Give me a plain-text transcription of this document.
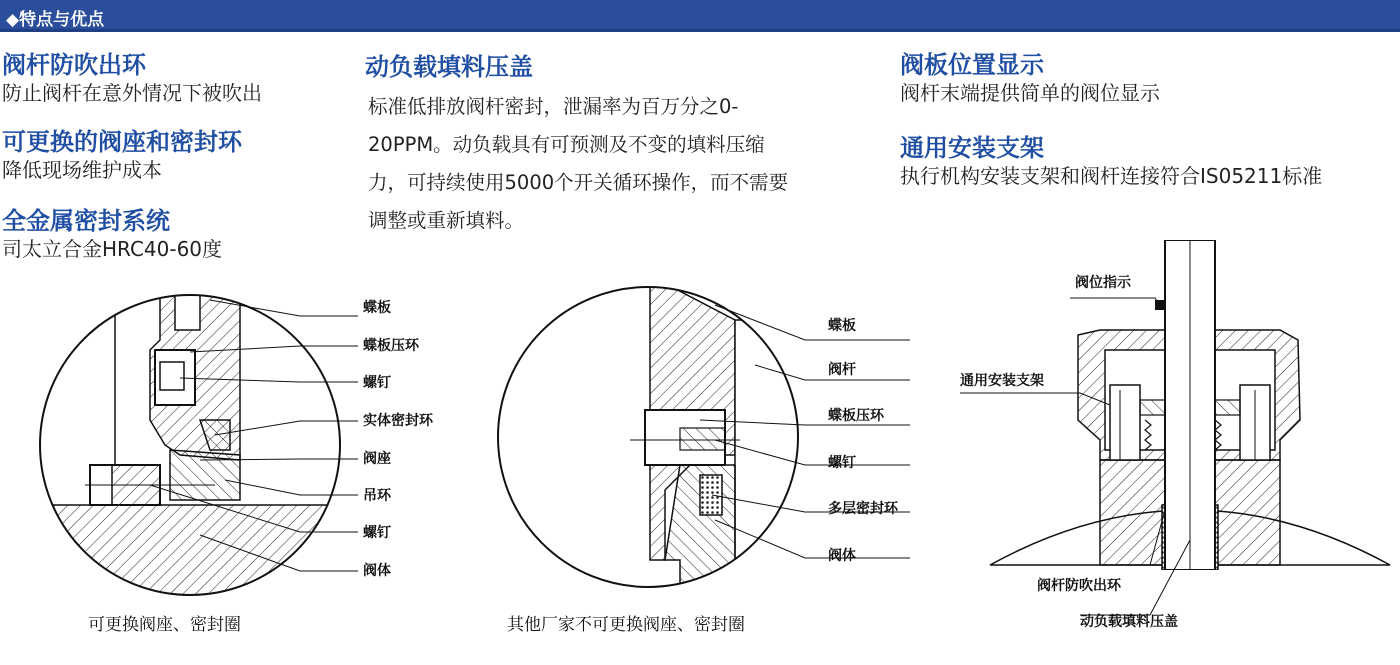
◆特点与优点
阀杆防吹出环
防止阀杆在意外情况下被吹出
可更换的阀座和密封环
降低现场维护成本
全金属密封系统
司太立合金HRC40-60度
动负载填料压盖
标准低排放阀杆密封，泄漏率为百万分之0-
20PPM。动负载具有可预测及不变的填料压缩
力，可持续使用5000个开关循环操作，而不需要
调整或重新填料。
阀板位置显示
阀杆末端提供简单的阀位显示
通用安装支架
执行机构安装支架和阀杆连接符合IS05211标准
蝶板
蝶板压环
螺钉
实体密封环
阀座
吊环
螺钉
阀体
蝶板
阀杆
蝶板压环
螺钉
多层密封环
阀体
阀位指示
通用安装支架
阀杆防吹出环
动负载填料压盖
可更换阀座、密封圈	其他厂家不可更换阀座、密封圈
